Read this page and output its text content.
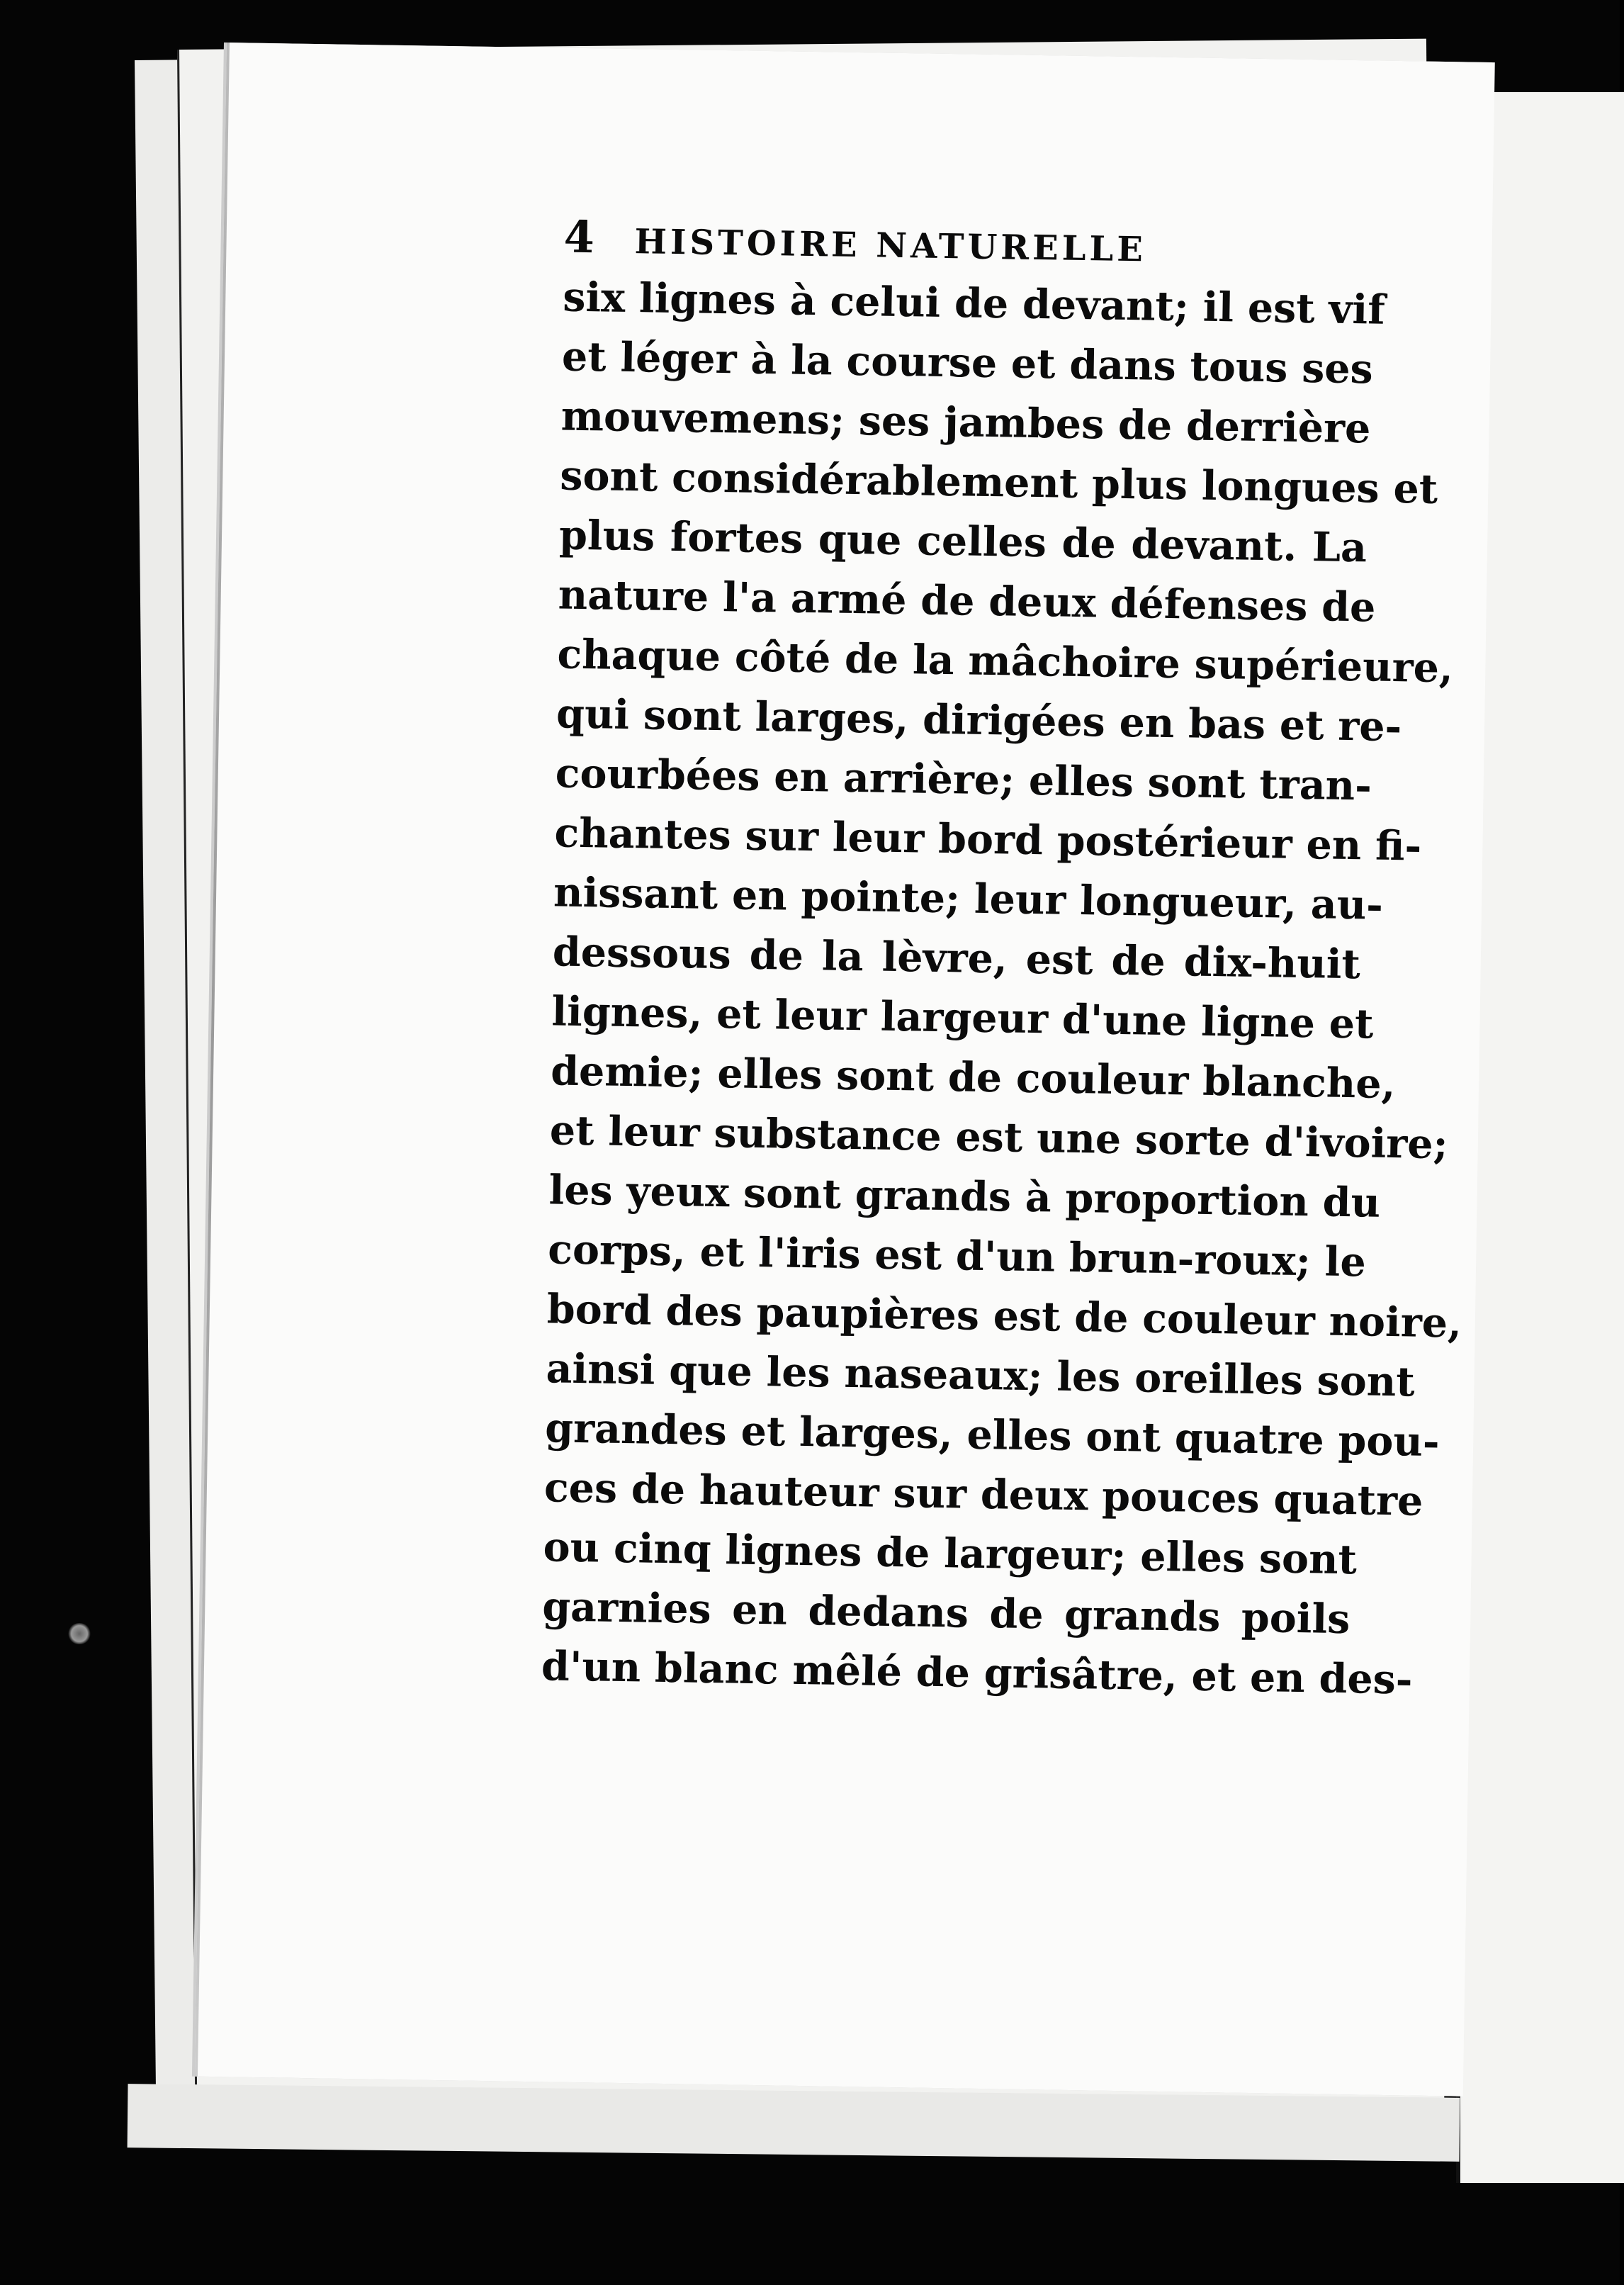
4 HISTOIRE NATURELLE
six lignes à celui de devant; il est vif
et léger à la course et dans tous ses
mouvemens; ses jambes de derrière
sont considérablement plus longues et
plus fortes que celles de devant. La
nature l'a armé de deux défenses de
chaque côté de la mâchoire supérieure,
qui sont larges, dirigées en bas et re-
courbées en arrière; elles sont tran-
chantes sur leur bord postérieur en fi-
nissant en pointe; leur longueur, au-
dessous de la lèvre, est de dix-huit
lignes, et leur largeur d'une ligne et
demie; elles sont de couleur blanche,
et leur substance est une sorte d'ivoire;
les yeux sont grands à proportion du
corps, et l'iris est d'un brun-roux; le
bord des paupières est de couleur noire,
ainsi que les naseaux; les oreilles sont
grandes et larges, elles ont quatre pou-
ces de hauteur sur deux pouces quatre
ou cinq lignes de largeur; elles sont
garnies en dedans de grands poils
d'un blanc mêlé de grisâtre, et en des-
